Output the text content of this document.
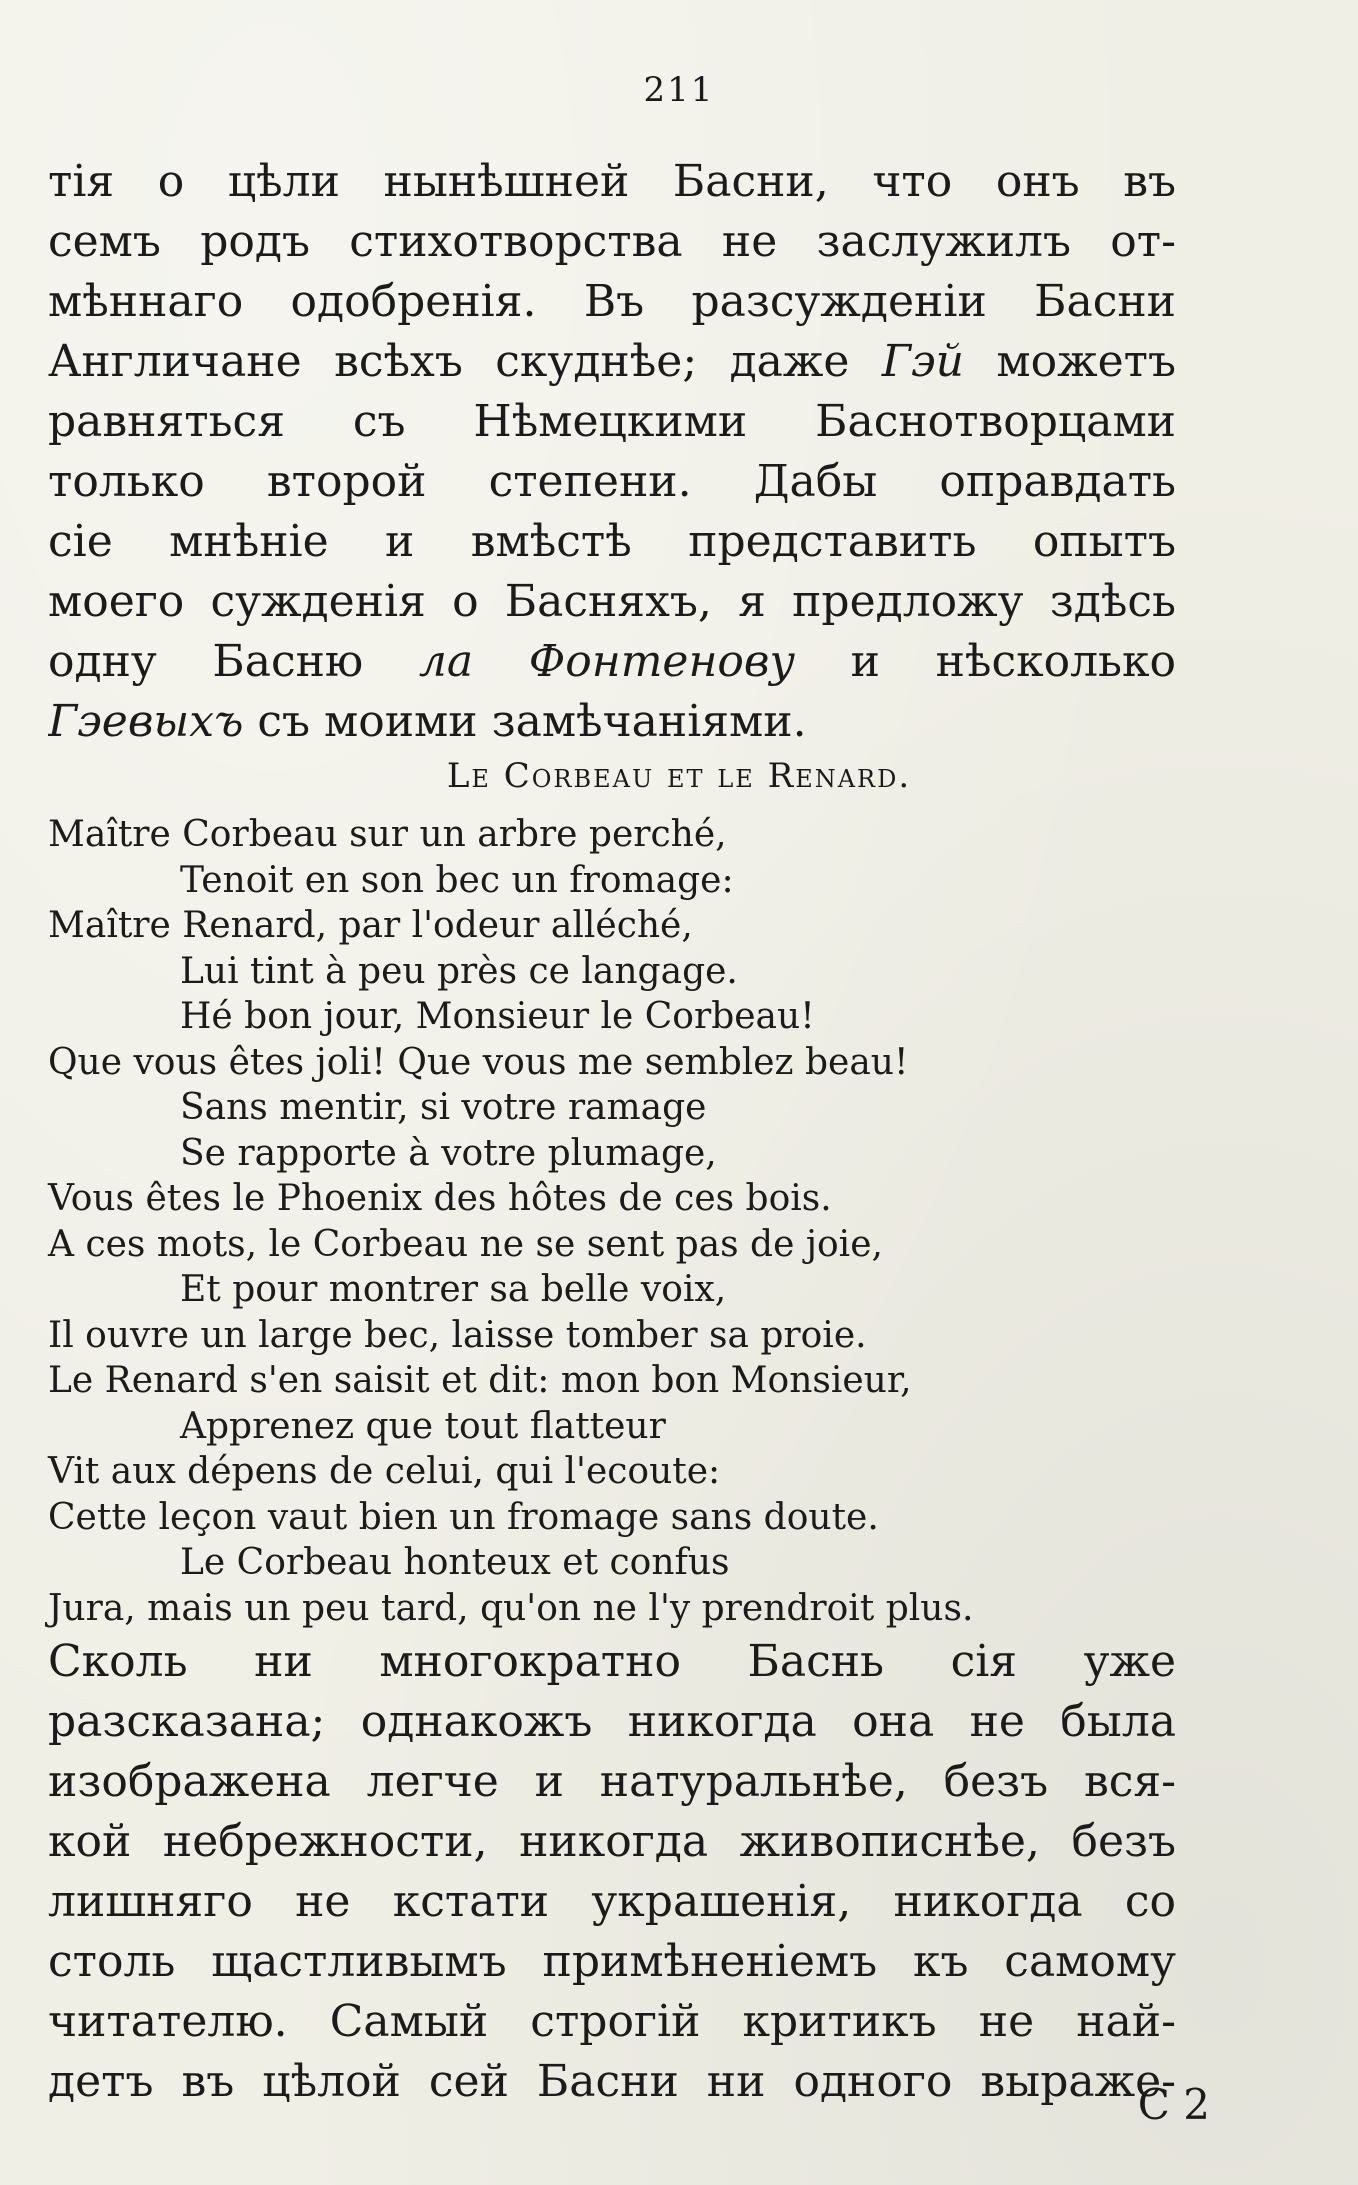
211
тія о цѣли нынѣшней Басни, что онъ въ
семъ родъ стихотворства не заслужилъ от-
мѣннаго одобренія. Въ разсужденіи Басни
Англичане всѣхъ скуднѣе; даже Гэй можетъ
равняться съ Нѣмецкими Баснотворцами
только второй степени. Дабы оправдать
сіе мнѣніе и вмѣстѣ представить опытъ
моего сужденія о Басняхъ, я предложу здѣсь
одну Басню ла Фонтенову и нѣсколько
Гэевыхъ съ моими замѣчаніями.
Le Corbeau et le Renard.
Maître Corbeau sur un arbre perché,
Tenoit en son bec un fromage:
Maître Renard, par l'odeur alléché,
Lui tint à peu près ce langage.
Hé bon jour, Monsieur le Corbeau!
Que vous êtes joli! Que vous me semblez beau!
Sans mentir, si votre ramage
Se rapporte à votre plumage,
Vous êtes le Phoenix des hôtes de ces bois.
A ces mots, le Corbeau ne se sent pas de joie,
Et pour montrer sa belle voix,
Il ouvre un large bec, laisse tomber sa proie.
Le Renard s'en saisit et dit: mon bon Monsieur,
Apprenez que tout flatteur
Vit aux dépens de celui, qui l'ecoute:
Cette leçon vaut bien un fromage sans doute.
Le Corbeau honteux et confus
Jura, mais un peu tard, qu'on ne l'y prendroit plus.
Сколь ни многократно Баснь сія уже
разсказана; однакожъ никогда она не была
изображена легче и натуральнѣе, безъ вся-
кой небрежности, никогда живописнѣе, безъ
лишняго не кстати украшенія, никогда со
столь щастливымъ примѣненіемъ къ самому
читателю. Самый строгій критикъ не най-
детъ въ цѣлой сей Басни ни одного выраже-
C 2
